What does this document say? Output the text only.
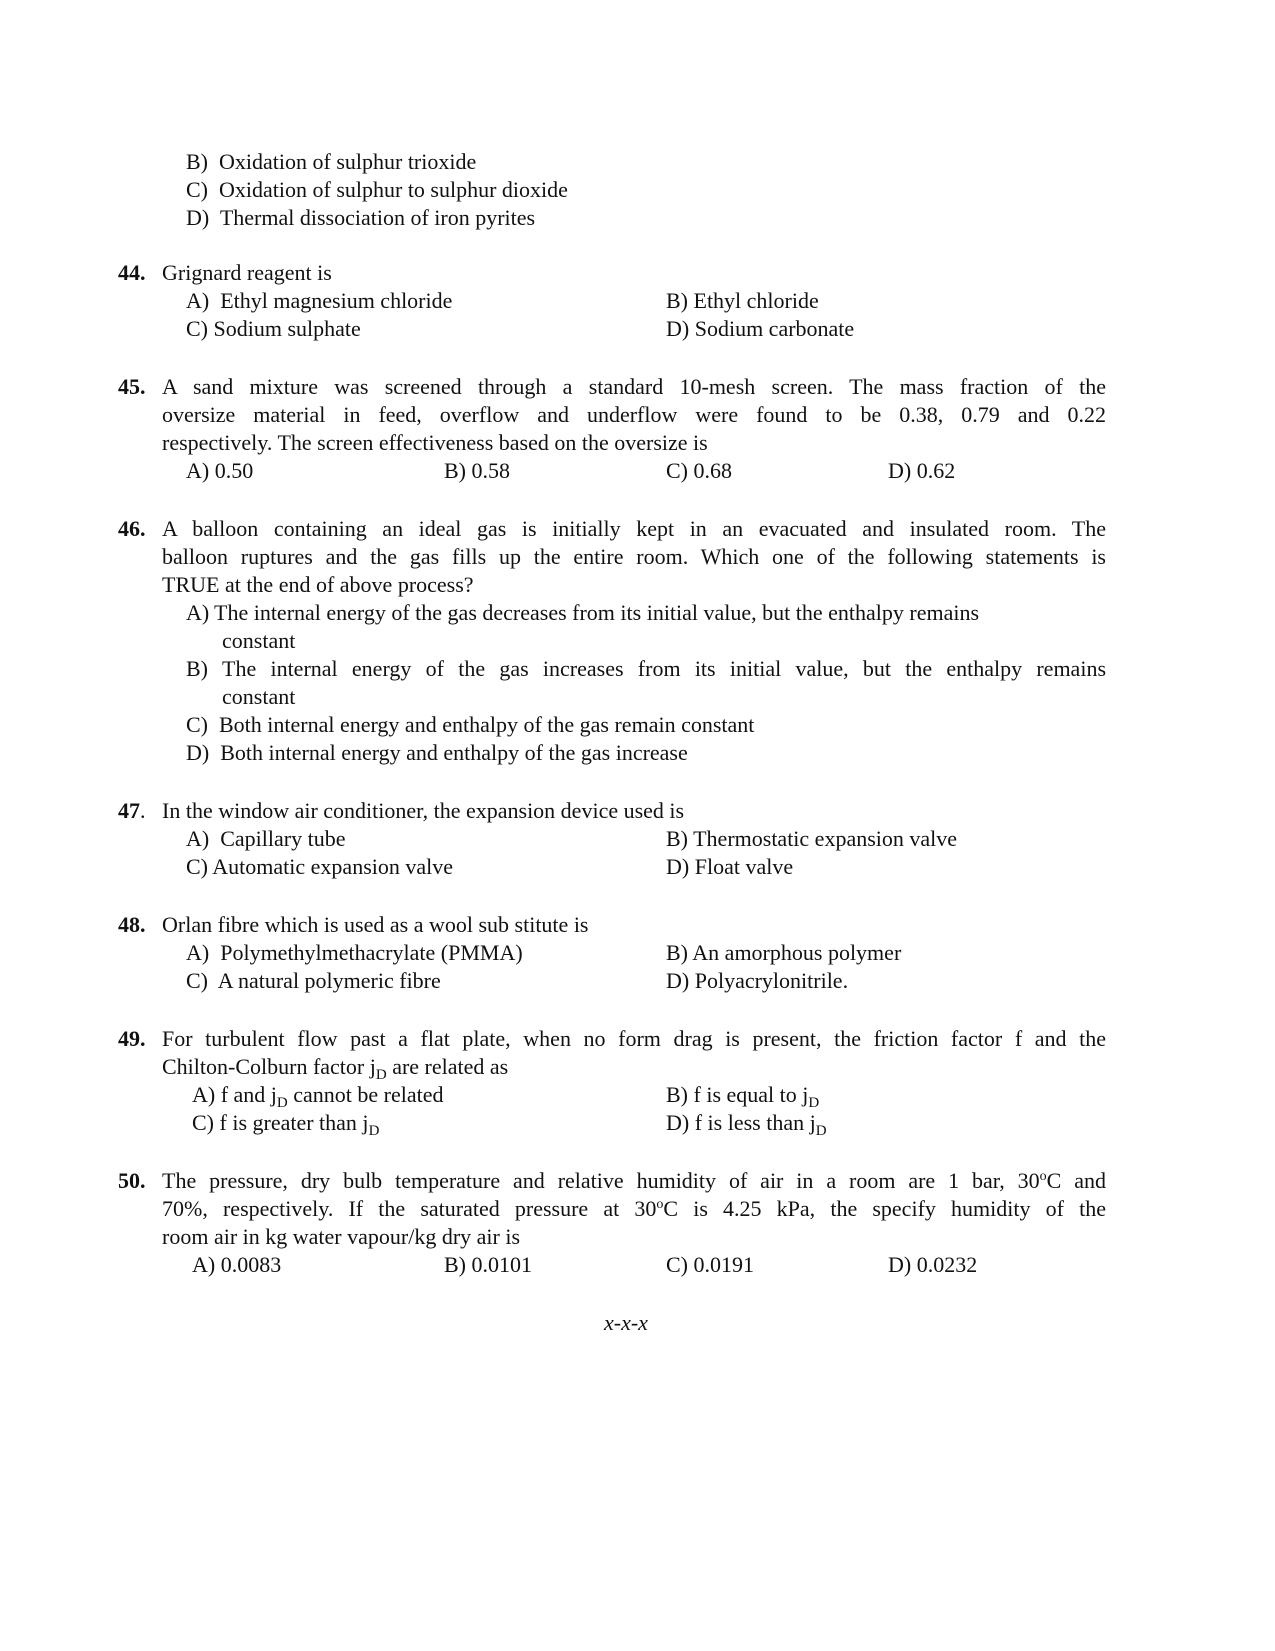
B) Oxidation of sulphur trioxide
C) Oxidation of sulphur to sulphur dioxide
D) Thermal dissociation of iron pyrites
44. Grignard reagent is
A) Ethyl magnesium chloride	B) Ethyl chloride
C) Sodium sulphate	D) Sodium carbonate
45. A sand mixture was screened through a standard 10-mesh screen. The mass fraction of the
oversize material in feed, overflow and underflow were found to be 0.38, 0.79 and 0.22
respectively. The screen effectiveness based on the oversize is
A) 0.50	B) 0.58	C) 0.68	D) 0.62
46. A balloon containing an ideal gas is initially kept in an evacuated and insulated room. The
balloon ruptures and the gas fills up the entire room. Which one of the following statements is
TRUE at the end of above process?
A) The internal energy of the gas decreases from its initial value, but the enthalpy remains
constant
B) The internal energy of the gas increases from its initial value, but the enthalpy remains
constant
C) Both internal energy and enthalpy of the gas remain constant
D) Both internal energy and enthalpy of the gas increase
47. In the window air conditioner, the expansion device used is
A) Capillary tube	B) Thermostatic expansion valve
C) Automatic expansion valve	D) Float valve
48. Orlan fibre which is used as a wool sub stitute is
A) Polymethylmethacrylate (PMMA)	B) An amorphous polymer
C) A natural polymeric fibre	D) Polyacrylonitrile.
49. For turbulent flow past a flat plate, when no form drag is present, the friction factor f and the
Chilton-Colburn factor $j_D$ are related as
A) f and $j_D$ cannot be related	B) f is equal to $j_D$
C) f is greater than $j_D$	D) f is less than $j_D$
50. The pressure, dry bulb temperature and relative humidity of air in a room are 1 bar, 30$^o$C and
70%, respectively. If the saturated pressure at 30$^o$C is 4.25 kPa, the specify humidity of the
room air in kg water vapour/kg dry air is
A) 0.0083	B) 0.0101	C) 0.0191	D) 0.0232
x-x-x
